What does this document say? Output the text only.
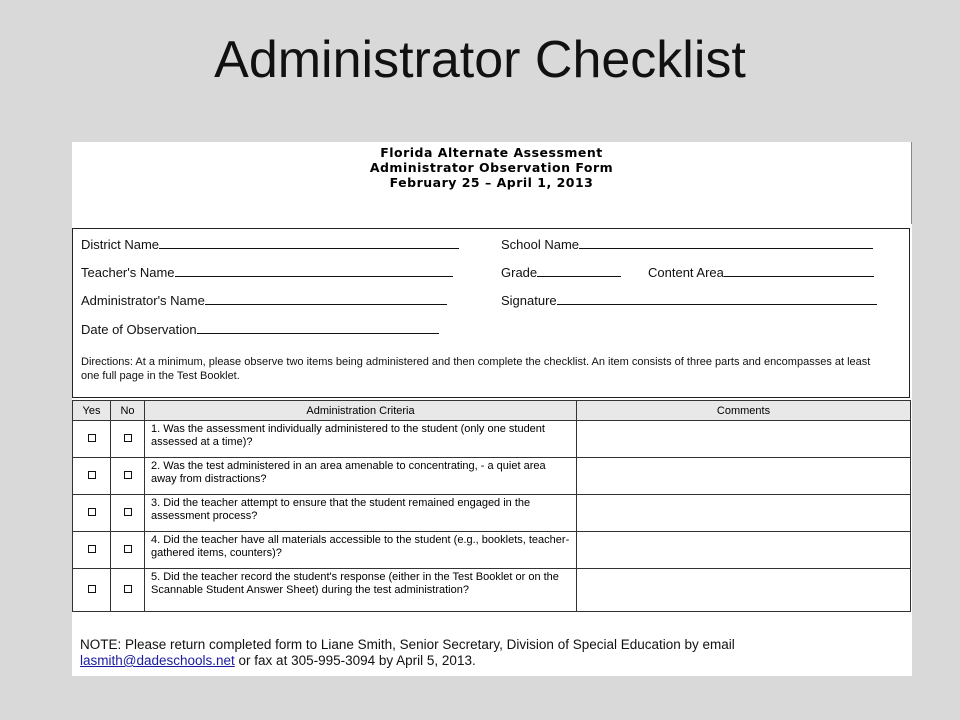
Administrator Checklist
Florida Alternate Assessment
Administrator Observation Form
February 25 – April 1, 2013
District Name	School Name
Teacher's Name	Grade	Content Area
Administrator's Name	Signature
Date of Observation
Directions: At a minimum, please observe two items being administered and then complete the checklist. An item consists of three parts and encompasses at least one full page in the Test Booklet.
Yes	No	Administration Criteria	Comments
		1. Was the assessment individually administered to the student (only one student assessed at a time)?	
		2. Was the test administered in an area amenable to concentrating, - a quiet area away from distractions?	
		3. Did the teacher attempt to ensure that the student remained engaged in the assessment process?	
		4. Did the teacher have all materials accessible to the student (e.g., booklets, teacher-gathered items, counters)?	
		5. Did the teacher record the student's response (either in the Test Booklet or on the Scannable Student Answer Sheet) during the test administration?	
NOTE: Please return completed form to Liane Smith, Senior Secretary, Division of Special Education by email
lasmith@dadeschools.net or fax at 305-995-3094 by April 5, 2013.
